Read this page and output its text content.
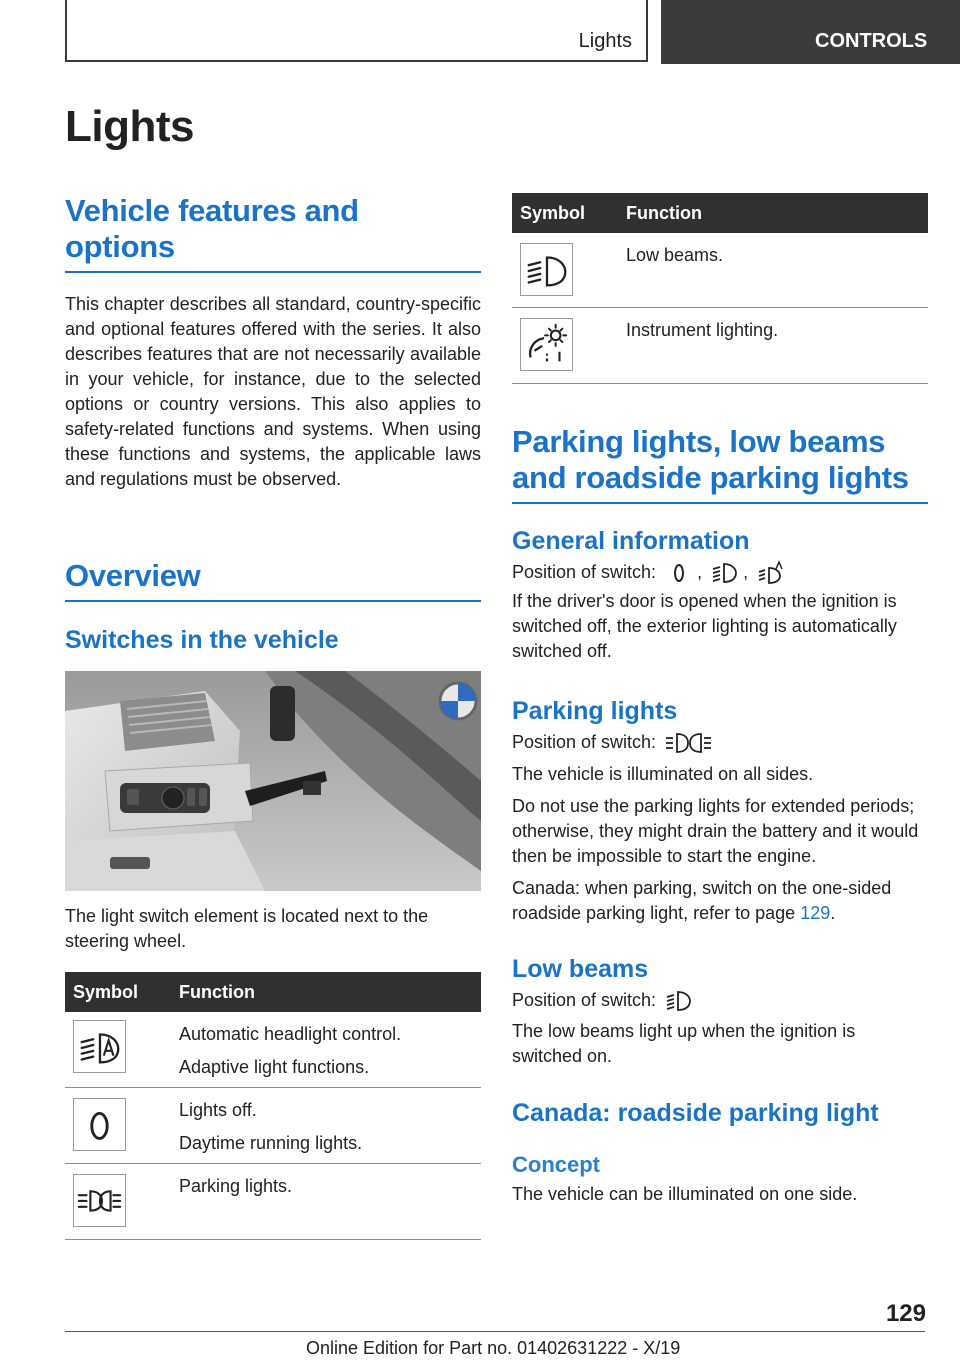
Lights	CONTROLS
Lights
Vehicle features and options
This chapter describes all standard, country-specific and optional features offered with the series. It also describes features that are not necessarily available in your vehicle, for instance, due to the selected options or country versions. This also applies to safety-related functions and systems. When using these functions and systems, the applicable laws and regulations must be observed.
Overview
Switches in the vehicle
The light switch element is located next to the steering wheel.
Symbol Function
Automatic headlight control.
Adaptive light functions.
Lights off.
Daytime running lights.
Parking lights.
Symbol Function
Low beams.
Instrument lighting.
Parking lights, low beams and roadside parking lights
General information
Position of switch: , ,
If the driver's door is opened when the ignition is switched off, the exterior lighting is automatically switched off.
Parking lights
Position of switch:
The vehicle is illuminated on all sides.
Do not use the parking lights for extended periods; otherwise, they might drain the battery and it would then be impossible to start the engine.
Canada: when parking, switch on the one-sided roadside parking light, refer to page 129.
Low beams
Position of switch:
The low beams light up when the ignition is switched on.
Canada: roadside parking light
Concept
The vehicle can be illuminated on one side.
129
Online Edition for Part no. 01402631222 - X/19
